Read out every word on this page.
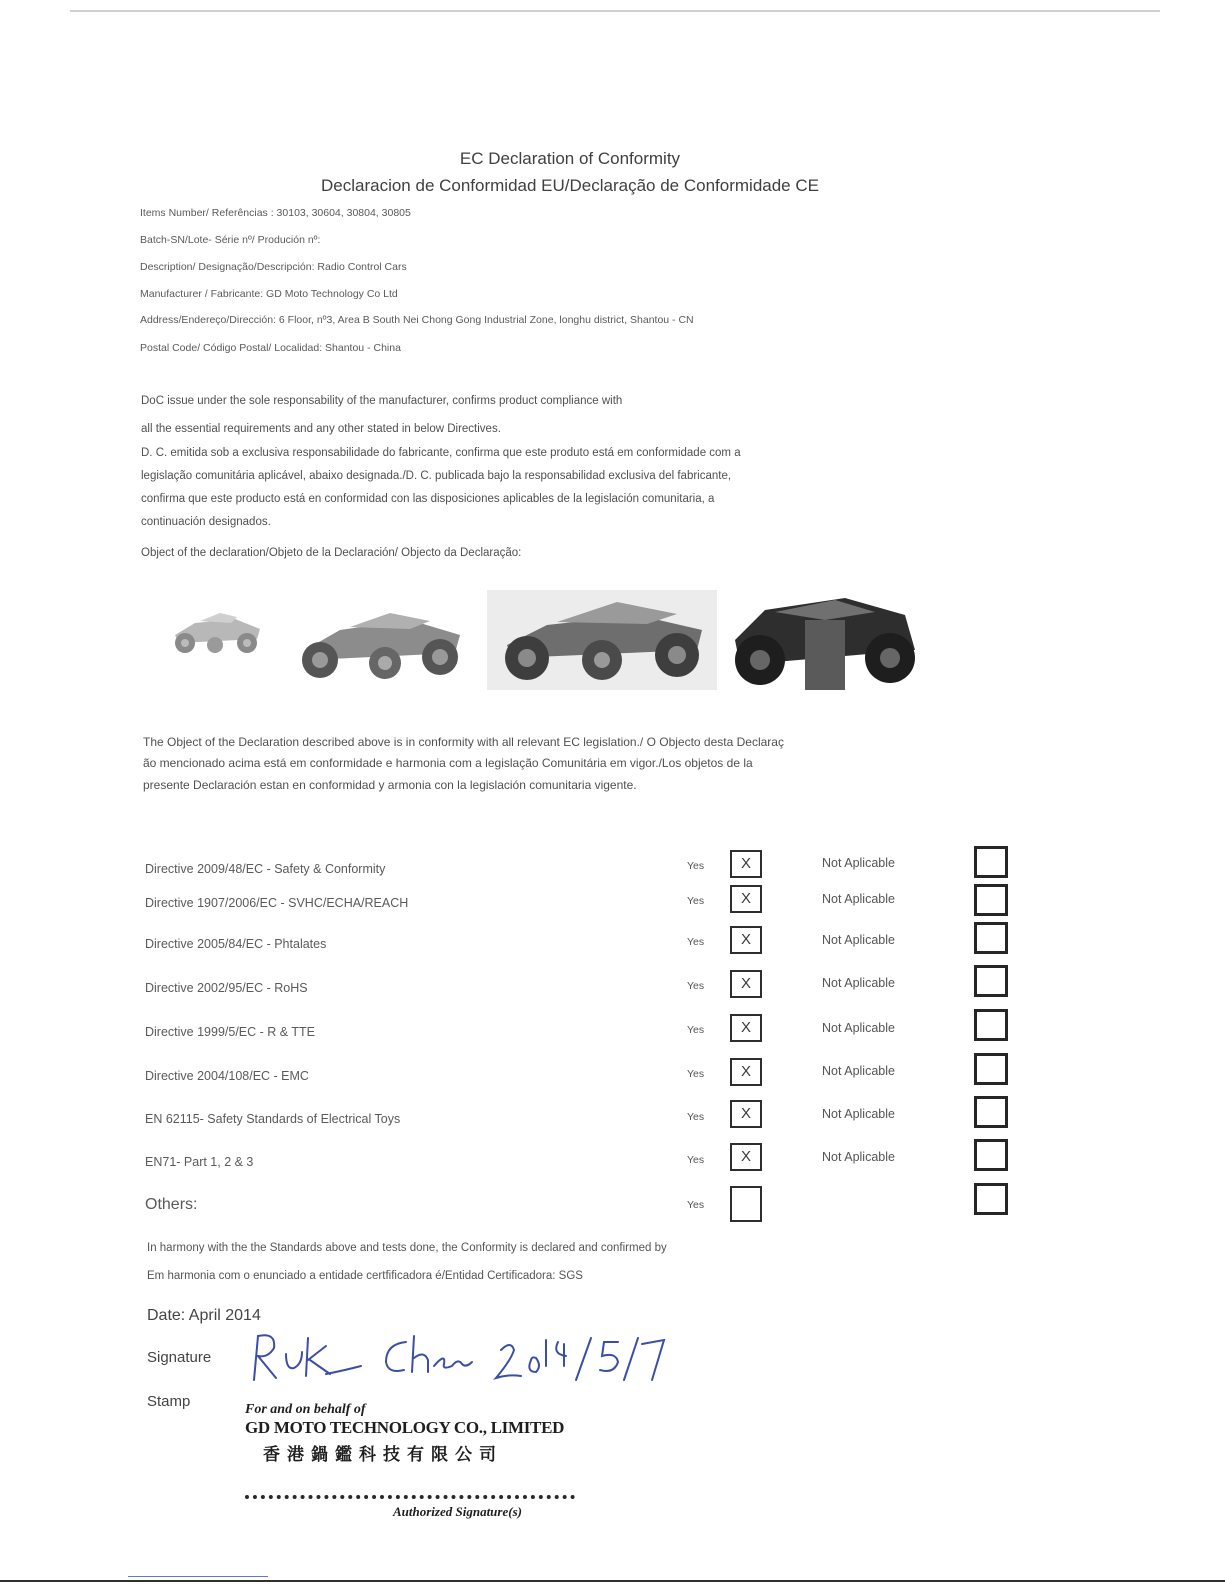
EC Declaration of Conformity
Declaracion de Conformidad EU/Declaração de Conformidade CE
Items Number/ Referências : 30103, 30604, 30804, 30805
Batch-SN/Lote- Série nº/ Produción nº:
Description/ Designação/Descripción: Radio Control Cars
Manufacturer / Fabricante: GD Moto Technology Co Ltd
Address/Endereço/Dirección: 6 Floor, nº3, Area B South Nei Chong Gong Industrial Zone, longhu district, Shantou - CN
Postal Code/ Código Postal/ Localidad: Shantou - China
DoC issue under the sole responsability of the manufacturer, confirms product compliance with
all the essential requirements and any other stated in below Directives.
D. C. emitida sob a exclusiva responsabilidade do fabricante, confirma que este produto está em conformidade com a
legislação comunitária aplicável, abaixo designada./D. C. publicada bajo la responsabilidad exclusiva del fabricante,
confirma que este producto está en conformidad con las disposiciones aplicables de la legislación comunitaria, a
continuación designados.
Object of the declaration/Objeto de la Declaración/ Objecto da Declaração:
The Object of the Declaration described above is in conformity with all relevant EC legislation./ O Objecto desta Declaraç
ão mencionado acima está em conformidade e harmonia com a legislação Comunitária em vigor./Los objetos de la
presente Declaración estan en conformidad y armonia con la legislación comunitaria vigente.
Directive 2009/48/EC - Safety & Conformity	Yes	X	Not Aplicable
Directive 1907/2006/EC - SVHC/ECHA/REACH	Yes	X	Not Aplicable
Directive 2005/84/EC - Phtalates	Yes	X	Not Aplicable
Directive 2002/95/EC - RoHS	Yes	X	Not Aplicable
Directive 1999/5/EC - R & TTE	Yes	X	Not Aplicable
Directive 2004/108/EC - EMC	Yes	X	Not Aplicable
EN 62115- Safety Standards of Electrical Toys	Yes	X	Not Aplicable
EN71- Part 1, 2 & 3	Yes	X	Not Aplicable
Others:	Yes
In harmony with the the Standards above and tests done, the Conformity is declared and confirmed by
Em harmonia com o enunciado a entidade certfificadora é/Entidad Certificadora: SGS
Date: April 2014
Signature
Stamp	For and on behalf of
GD MOTO TECHNOLOGY CO., LIMITED
香港鍋鑑科技有限公司
Authorized Signature(s)
